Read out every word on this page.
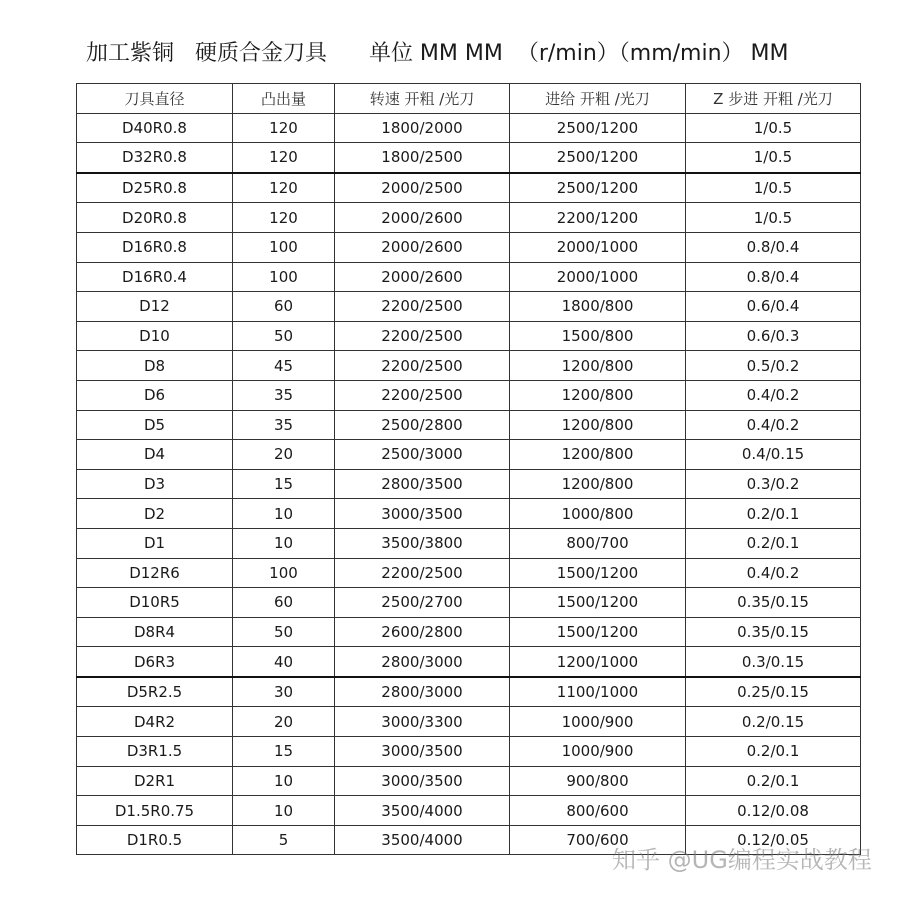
加工紫铜   硬质合金刀具      单位 MM MM  （r/min）（mm/min） MM
刀具直径	凸出量	转速 开粗 /光刀	进给 开粗 /光刀	Z 步进 开粗 /光刀
D40R0.8	120	1800/2000	2500/1200	1/0.5
D32R0.8	120	1800/2500	2500/1200	1/0.5
D25R0.8	120	2000/2500	2500/1200	1/0.5
D20R0.8	120	2000/2600	2200/1200	1/0.5
D16R0.8	100	2000/2600	2000/1000	0.8/0.4
D16R0.4	100	2000/2600	2000/1000	0.8/0.4
D12	60	2200/2500	1800/800	0.6/0.4
D10	50	2200/2500	1500/800	0.6/0.3
D8	45	2200/2500	1200/800	0.5/0.2
D6	35	2200/2500	1200/800	0.4/0.2
D5	35	2500/2800	1200/800	0.4/0.2
D4	20	2500/3000	1200/800	0.4/0.15
D3	15	2800/3500	1200/800	0.3/0.2
D2	10	3000/3500	1000/800	0.2/0.1
D1	10	3500/3800	800/700	0.2/0.1
D12R6	100	2200/2500	1500/1200	0.4/0.2
D10R5	60	2500/2700	1500/1200	0.35/0.15
D8R4	50	2600/2800	1500/1200	0.35/0.15
D6R3	40	2800/3000	1200/1000	0.3/0.15
D5R2.5	30	2800/3000	1100/1000	0.25/0.15
D4R2	20	3000/3300	1000/900	0.2/0.15
D3R1.5	15	3000/3500	1000/900	0.2/0.1
D2R1	10	3000/3500	900/800	0.2/0.1
D1.5R0.75	10	3500/4000	800/600	0.12/0.08
D1R0.5	5	3500/4000	700/600	0.12/0.05
知乎 @UG编程实战教程
